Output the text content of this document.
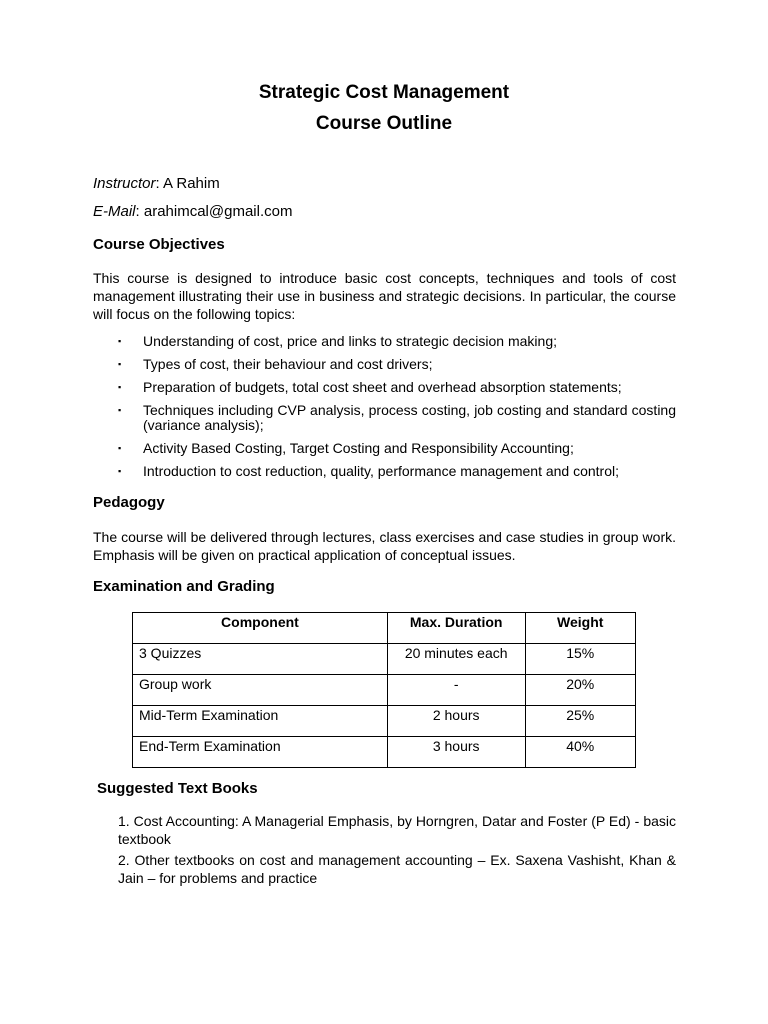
Strategic Cost Management
Course Outline

Instructor: A Rahim

E-Mail: arahimcal@gmail.com

Course Objectives

This course is designed to introduce basic cost concepts, techniques and tools of cost management illustrating their use in business and strategic decisions. In particular, the course will focus on the following topics:

▪ Understanding of cost, price and links to strategic decision making;
▪ Types of cost, their behaviour and cost drivers;
▪ Preparation of budgets, total cost sheet and overhead absorption statements;
▪ Techniques including CVP analysis, process costing, job costing and standard costing (variance analysis);
▪ Activity Based Costing, Target Costing and Responsibility Accounting;
▪ Introduction to cost reduction, quality, performance management and control;
Pedagogy

The course will be delivered through lectures, class exercises and case studies in group work. Emphasis will be given on practical application of conceptual issues.

Examination and Grading
Component	Max. Duration	Weight
3 Quizzes	20 minutes each	15%
Group work	-	20%
Mid-Term Examination	2 hours	25%
End-Term Examination	3 hours	40%
Suggested Text Books
1. Cost Accounting: A Managerial Emphasis, by Horngren, Datar and Foster (P Ed) - basic textbook
2. Other textbooks on cost and management accounting – Ex. Saxena Vashisht, Khan & Jain – for problems and practice
